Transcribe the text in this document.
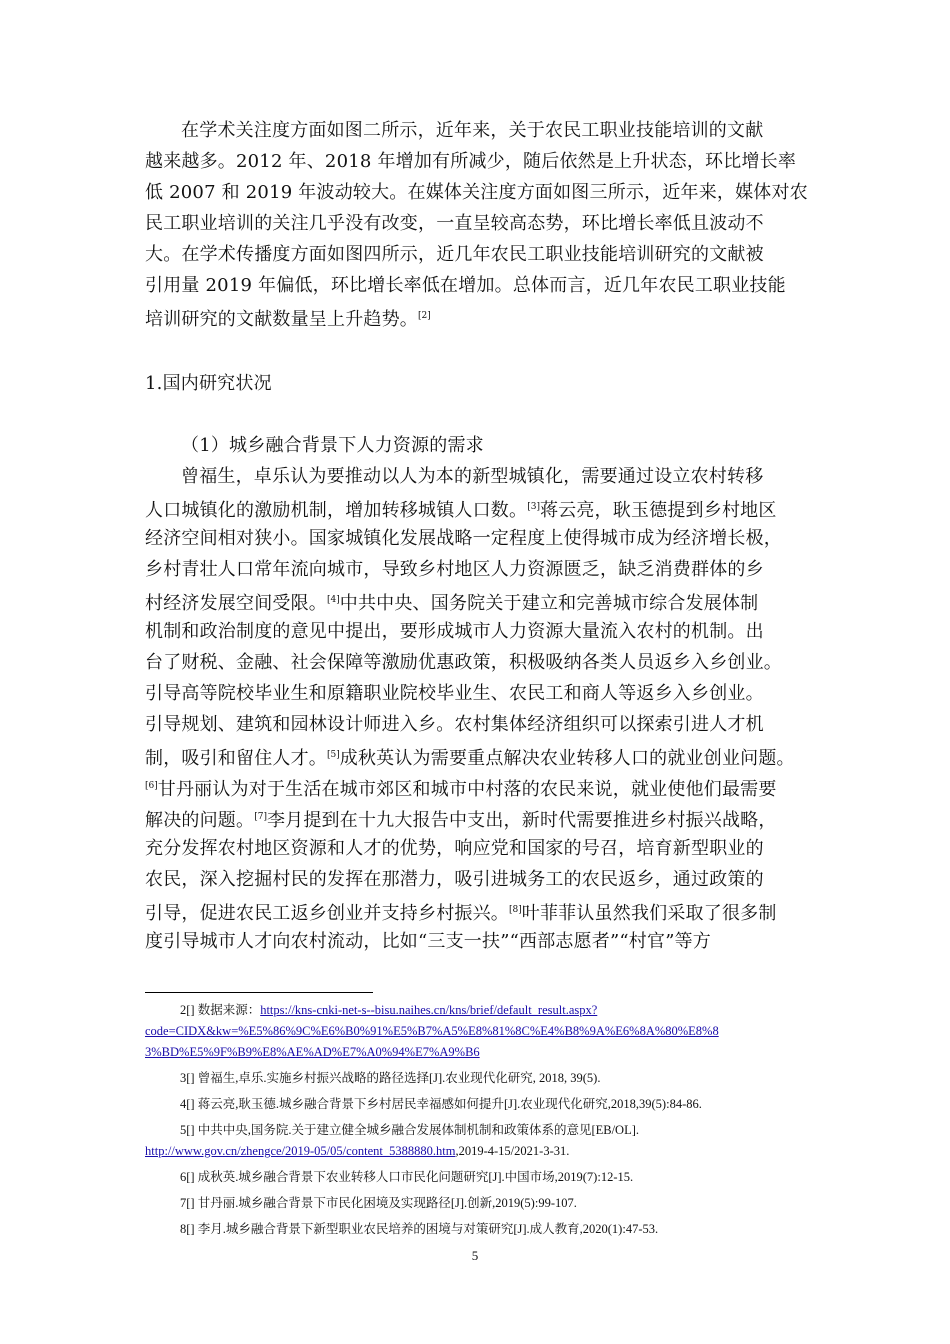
在学术关注度方面如图二所示，近年来，关于农民工职业技能培训的文献
越来越多。2012 年、2018 年增加有所减少，随后依然是上升状态，环比增长率
低 2007 和 2019 年波动较大。在媒体关注度方面如图三所示，近年来，媒体对农
民工职业培训的关注几乎没有改变，一直呈较高态势，环比增长率低且波动不
大。在学术传播度方面如图四所示，近几年农民工职业技能培训研究的文献被
引用量 2019 年偏低，环比增长率低在增加。总体而言，近几年农民工职业技能
培训研究的文献数量呈上升趋势。[2]
1.国内研究状况
（1）城乡融合背景下人力资源的需求
曾福生，卓乐认为要推动以人为本的新型城镇化，需要通过设立农村转移
人口城镇化的激励机制，增加转移城镇人口数。[3]蒋云亮，耿玉德提到乡村地区
经济空间相对狭小。国家城镇化发展战略一定程度上使得城市成为经济增长极，
乡村青壮人口常年流向城市，导致乡村地区人力资源匮乏，缺乏消费群体的乡
村经济发展空间受限。[4]中共中央、国务院关于建立和完善城市综合发展体制
机制和政治制度的意见中提出，要形成城市人力资源大量流入农村的机制。出
台了财税、金融、社会保障等激励优惠政策，积极吸纳各类人员返乡入乡创业。
引导高等院校毕业生和原籍职业院校毕业生、农民工和商人等返乡入乡创业。
引导规划、建筑和园林设计师进入乡。农村集体经济组织可以探索引进人才机
制，吸引和留住人才。[5]成秋英认为需要重点解决农业转移人口的就业创业问题。
[6]甘丹丽认为对于生活在城市郊区和城市中村落的农民来说，就业使他们最需要
解决的问题。[7]李月提到在十九大报告中支出，新时代需要推进乡村振兴战略，
充分发挥农村地区资源和人才的优势，响应党和国家的号召，培育新型职业的
农民，深入挖掘村民的发挥在那潜力，吸引进城务工的农民返乡，通过政策的
引导，促进农民工返乡创业并支持乡村振兴。[8]叶菲菲认虽然我们采取了很多制
度引导城市人才向农村流动，比如“三支一扶”“西部志愿者”“村官”等方
2[] 数据来源：https://kns-cnki-net-s--bisu.naihes.cn/kns/brief/default_result.aspx?
code=CIDX&kw=%E5%86%9C%E6%B0%91%E5%B7%A5%E8%81%8C%E4%B8%9A%E6%8A%80%E8%8
3%BD%E5%9F%B9%E8%AE%AD%E7%A0%94%E7%A9%B6
3[] 曾福生,卓乐.实施乡村振兴战略的路径选择[J].农业现代化研究, 2018, 39(5).
4[] 蒋云亮,耿玉德.城乡融合背景下乡村居民幸福感如何提升[J].农业现代化研究,2018,39(5):84-86.
5[] 中共中央,国务院.关于建立健全城乡融合发展体制机制和政策体系的意见[EB/OL].
http://www.gov.cn/zhengce/2019-05/05/content_5388880.htm,2019-4-15/2021-3-31.
6[] 成秋英.城乡融合背景下农业转移人口市民化问题研究[J].中国市场,2019(7):12-15.
7[] 甘丹丽.城乡融合背景下市民化困境及实现路径[J].创新,2019(5):99-107.
8[] 李月.城乡融合背景下新型职业农民培养的困境与对策研究[J].成人教育,2020(1):47-53.
5
